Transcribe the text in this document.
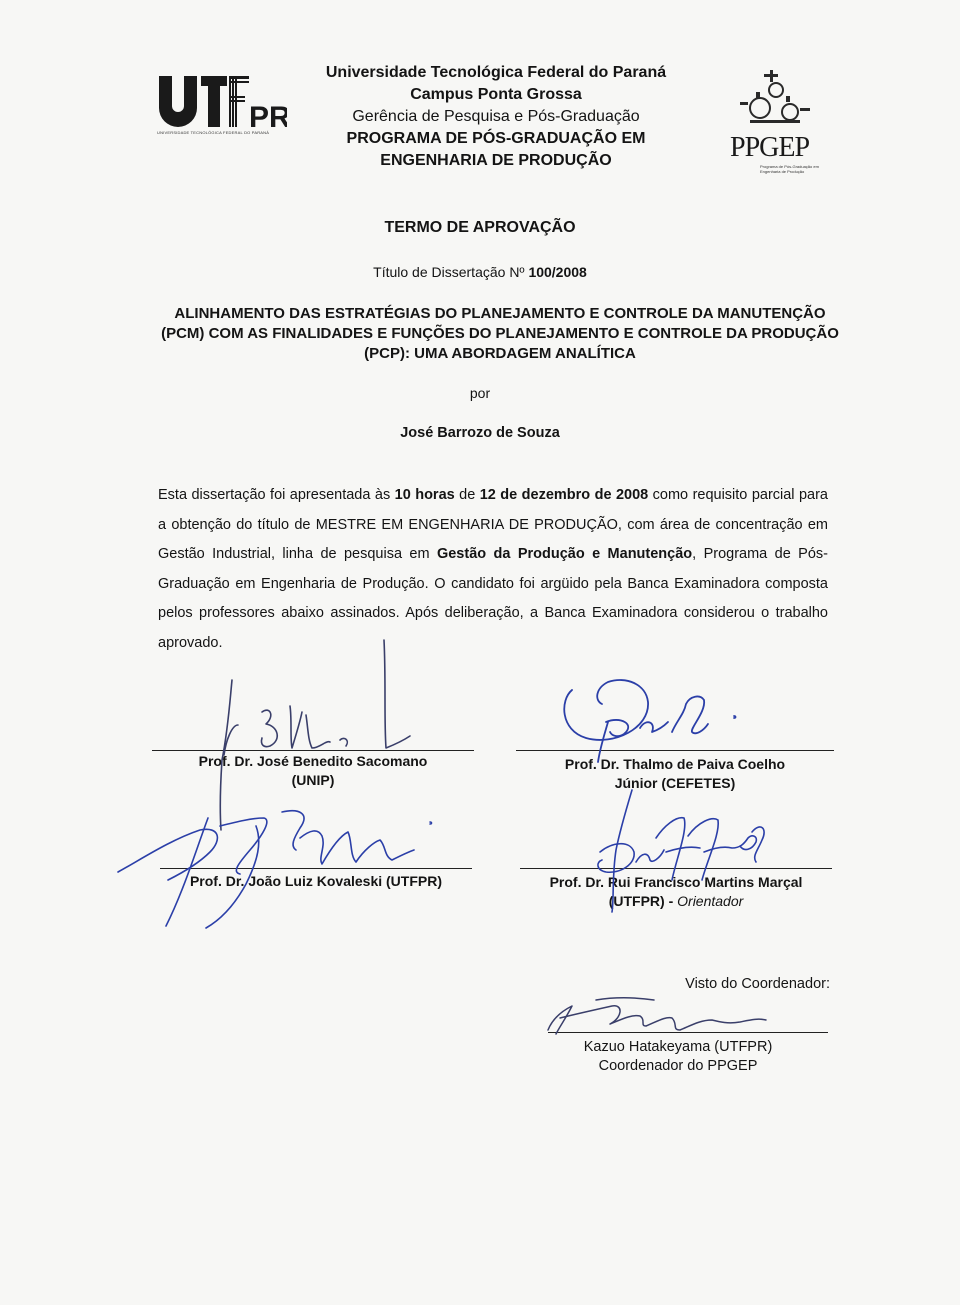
PR
UNIVERSIDADE TECNOLÓGICA FEDERAL DO PARANÁ
Universidade Tecnológica Federal do Paraná
Campus Ponta Grossa
Gerência de Pesquisa e Pós-Graduação
PROGRAMA DE PÓS-GRADUAÇÃO EM
ENGENHARIA DE PRODUÇÃO	PPGEP
Programa de Pós-Graduação em Engenharia de Produção
TERMO DE APROVAÇÃO
Título de Dissertação Nº 100/2008
ALINHAMENTO DAS ESTRATÉGIAS DO PLANEJAMENTO E CONTROLE DA MANUTENÇÃO (PCM) COM AS FINALIDADES E FUNÇÕES DO PLANEJAMENTO E CONTROLE DA PRODUÇÃO (PCP): UMA ABORDAGEM ANALÍTICA
por
José Barrozo de Souza
Esta dissertação foi apresentada às 10 horas de 12 de dezembro de 2008 como requisito parcial para a obtenção do título de MESTRE EM ENGENHARIA DE PRODUÇÃO, com área de concentração em Gestão Industrial, linha de pesquisa em Gestão da Produção e Manutenção, Programa de Pós-Graduação em Engenharia de Produção. O candidato foi argüido pela Banca Examinadora composta pelos professores abaixo assinados. Após deliberação, a Banca Examinadora considerou o trabalho aprovado.
Prof. Dr. José Benedito Sacomano
(UNIP)
Prof. Dr. Thalmo de Paiva Coelho
Júnior (CEFETES)
Prof. Dr. João Luiz Kovaleski (UTFPR)	Prof. Dr. Rui Francisco Martins Marçal
(UTFPR) - Orientador
Visto do Coordenador:
Kazuo Hatakeyama (UTFPR)
Coordenador do PPGEP
